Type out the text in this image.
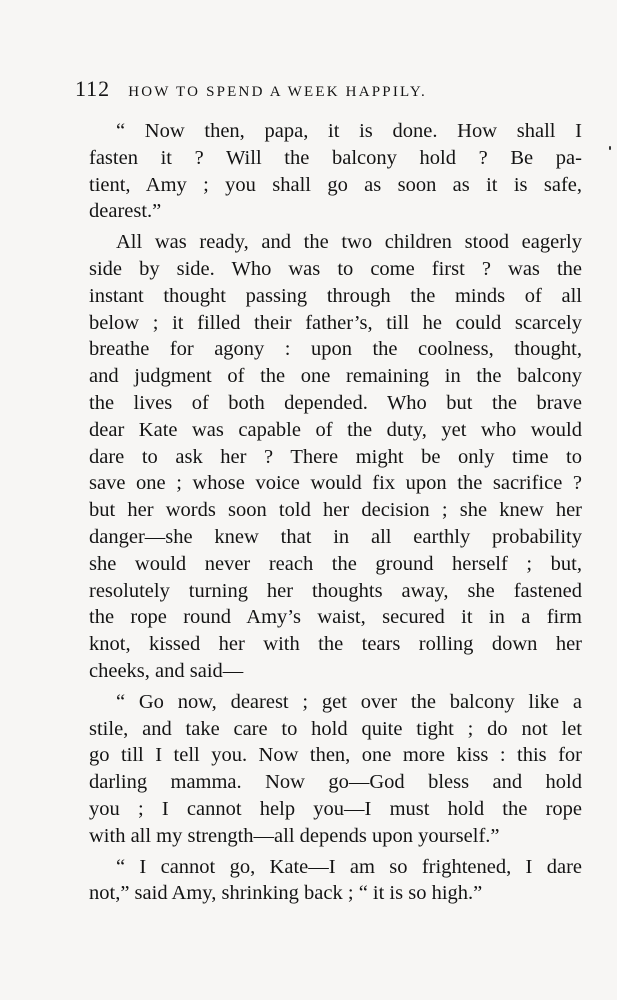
112 HOW TO SPEND A WEEK HAPPILY.
“ Now then, papa, it is done. How shall I
fasten it ? Will the balcony hold ? Be pa-
tient, Amy ; you shall go as soon as it is safe,
dearest.”
All was ready, and the two children stood eagerly
side by side. Who was to come first ? was the
instant thought passing through the minds of all
below ; it filled their father’s, till he could scarcely
breathe for agony : upon the coolness, thought,
and judgment of the one remaining in the balcony
the lives of both depended. Who but the brave
dear Kate was capable of the duty, yet who would
dare to ask her ? There might be only time to
save one ; whose voice would fix upon the sacrifice ?
but her words soon told her decision ; she knew her
danger—she knew that in all earthly probability
she would never reach the ground herself ; but,
resolutely turning her thoughts away, she fastened
the rope round Amy’s waist, secured it in a firm
knot, kissed her with the tears rolling down her
cheeks, and said—
“ Go now, dearest ; get over the balcony like a
stile, and take care to hold quite tight ; do not let
go till I tell you. Now then, one more kiss : this for
darling mamma. Now go—God bless and hold
you ; I cannot help you—I must hold the rope
with all my strength—all depends upon yourself.”
“ I cannot go, Kate—I am so frightened, I dare
not,” said Amy, shrinking back ; “ it is so high.”
